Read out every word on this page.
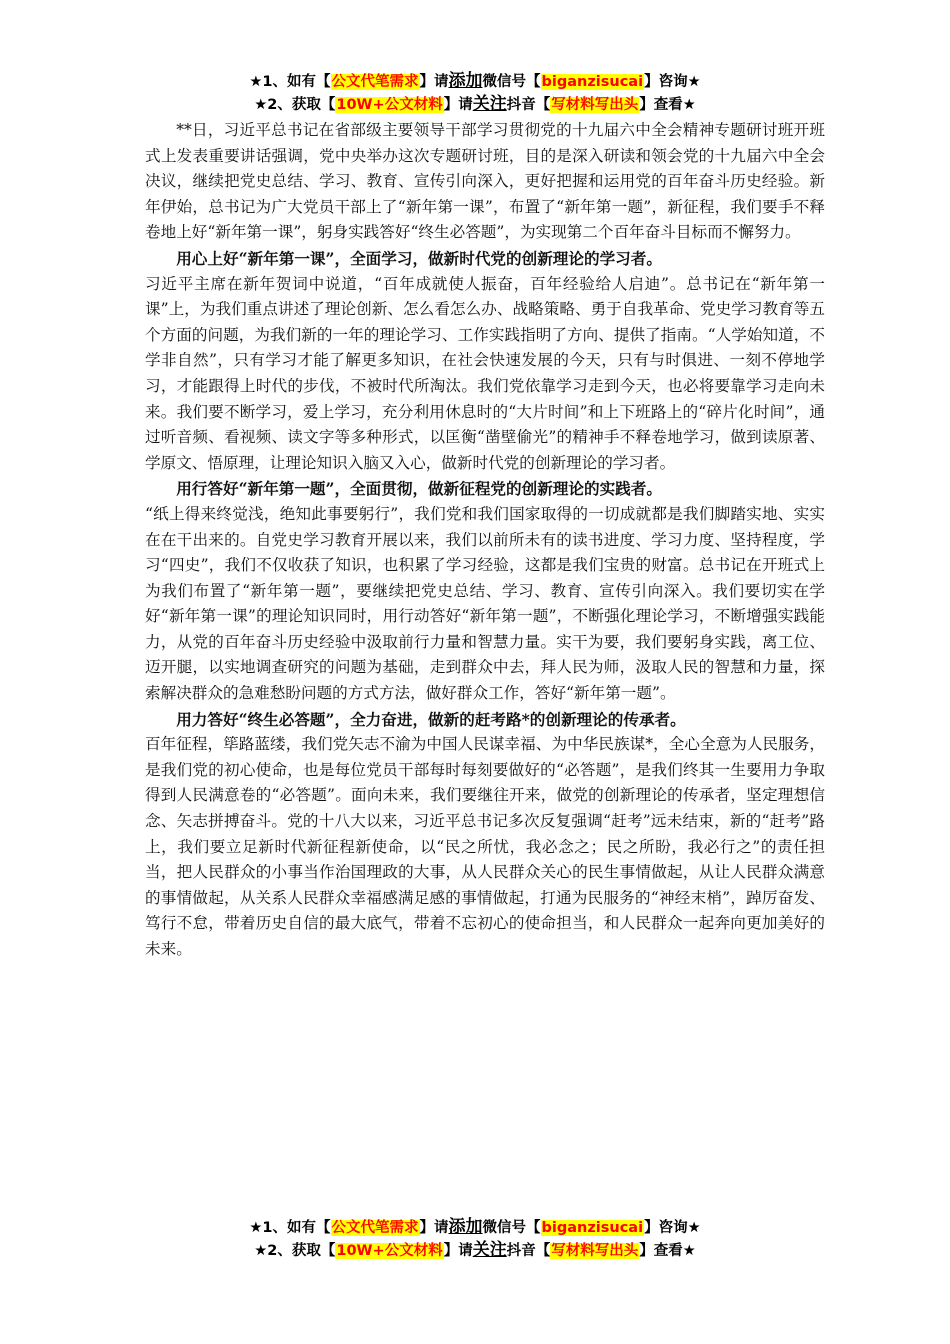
★1、如有【公文代笔需求】请添加微信号【biganzisucai】咨询★
★2、获取【10W+公文材料】请关注抖音【写材料写出头】查看★

**日，习近平总书记在省部级主要领导干部学习贯彻党的十九届六中全会精神专题研讨班开班式上发表重要讲话强调，党中央举办这次专题研讨班，目的是深入研读和领会党的十九届六中全会决议，继续把党史总结、学习、教育、宣传引向深入，更好把握和运用党的百年奋斗历史经验。新年伊始，总书记为广大党员干部上了“新年第一课”，布置了“新年第一题”，新征程，我们要手不释卷地上好“新年第一课”，躬身实践答好“终生必答题”，为实现第二个百年奋斗目标而不懈努力。

用心上好“新年第一课”，全面学习，做新时代党的创新理论的学习者。

习近平主席在新年贺词中说道，“百年成就使人振奋，百年经验给人启迪”。总书记在“新年第一课”上，为我们重点讲述了理论创新、怎么看怎么办、战略策略、勇于自我革命、党史学习教育等五个方面的问题，为我们新的一年的理论学习、工作实践指明了方向、提供了指南。“人学始知道，不学非自然”，只有学习才能了解更多知识，在社会快速发展的今天，只有与时俱进、一刻不停地学习，才能跟得上时代的步伐，不被时代所淘汰。我们党依靠学习走到今天，也必将要靠学习走向未来。我们要不断学习，爱上学习，充分利用休息时的“大片时间”和上下班路上的“碎片化时间”，通过听音频、看视频、读文字等多种形式，以匡衡“凿壁偷光”的精神手不释卷地学习，做到读原著、学原文、悟原理，让理论知识入脑又入心，做新时代党的创新理论的学习者。

用行答好“新年第一题”，全面贯彻，做新征程党的创新理论的实践者。

“纸上得来终觉浅，绝知此事要躬行”，我们党和我们国家取得的一切成就都是我们脚踏实地、实实在在干出来的。自党史学习教育开展以来，我们以前所未有的读书进度、学习力度、坚持程度，学习“四史”，我们不仅收获了知识，也积累了学习经验，这都是我们宝贵的财富。总书记在开班式上为我们布置了“新年第一题”，要继续把党史总结、学习、教育、宣传引向深入。我们要切实在学好“新年第一课”的理论知识同时，用行动答好“新年第一题”，不断强化理论学习，不断增强实践能力，从党的百年奋斗历史经验中汲取前行力量和智慧力量。实干为要，我们要躬身实践，离工位、迈开腿，以实地调查研究的问题为基础，走到群众中去，拜人民为师，汲取人民的智慧和力量，探索解决群众的急难愁盼问题的方式方法，做好群众工作，答好“新年第一题”。

用力答好“终生必答题”，全力奋进，做新的赶考路*的创新理论的传承者。

百年征程，筚路蓝缕，我们党矢志不渝为中国人民谋幸福、为中华民族谋*，全心全意为人民服务，是我们党的初心使命，也是每位党员干部每时每刻要做好的“必答题”，是我们终其一生要用力争取得到人民满意卷的“必答题”。面向未来，我们要继往开来，做党的创新理论的传承者，坚定理想信念、矢志拼搏奋斗。党的十八大以来，习近平总书记多次反复强调“赶考”远未结束，新的“赶考”路上，我们要立足新时代新征程新使命，以“民之所忧，我必念之；民之所盼，我必行之”的责任担当，把人民群众的小事当作治国理政的大事，从人民群众关心的民生事情做起，从让人民群众满意的事情做起，从关系人民群众幸福感满足感的事情做起，打通为民服务的“神经末梢”，踔厉奋发、笃行不怠，带着历史自信的最大底气，带着不忘初心的使命担当，和人民群众一起奔向更加美好的未来。

★1、如有【公文代笔需求】请添加微信号【biganzisucai】咨询★
★2、获取【10W+公文材料】请关注抖音【写材料写出头】查看★
